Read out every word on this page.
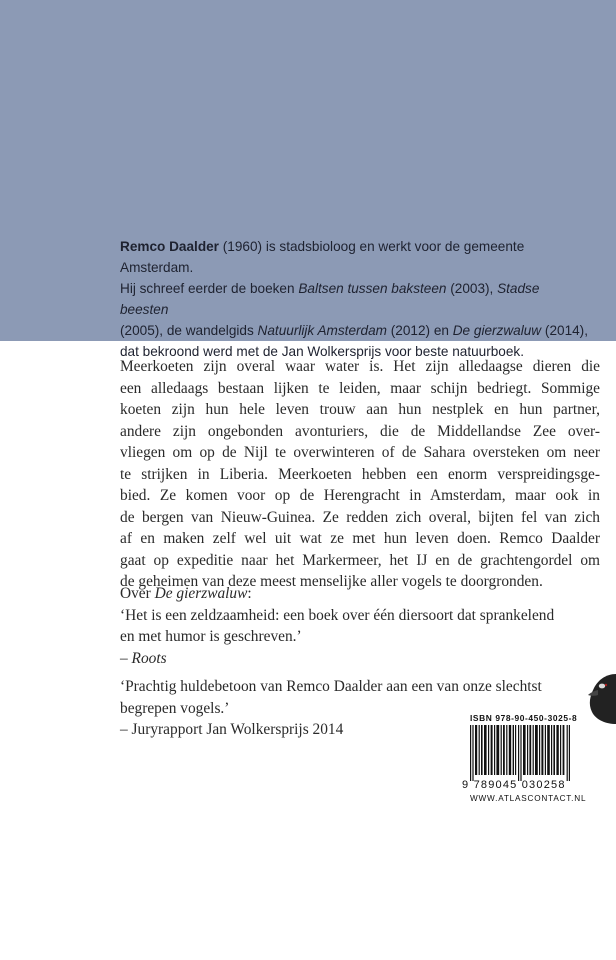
Remco Daalder (1960) is stadsbioloog en werkt voor de gemeente Amsterdam.
Hij schreef eerder de boeken Baltsen tussen baksteen (2003), Stadse beesten
(2005), de wandelgids Natuurlijk Amsterdam (2012) en De gierzwaluw (2014),
dat bekroond werd met de Jan Wolkersprijs voor beste natuurboek.
Meerkoeten zijn overal waar water is. Het zijn alledaagse dieren die
een alledaags bestaan lijken te leiden, maar schijn bedriegt. Sommige
koeten zijn hun hele leven trouw aan hun nestplek en hun partner,
andere zijn ongebonden avonturiers, die de Middellandse Zee over-
vliegen om op de Nijl te overwinteren of de Sahara oversteken om neer
te strijken in Liberia. Meerkoeten hebben een enorm verspreidingsge-
bied. Ze komen voor op de Herengracht in Amsterdam, maar ook in
de bergen van Nieuw-Guinea. Ze redden zich overal, bijten fel van zich
af en maken zelf wel uit wat ze met hun leven doen. Remco Daalder
gaat op expeditie naar het Markermeer, het IJ en de grachtengordel om
de geheimen van deze meest menselijke aller vogels te doorgronden.
Over De gierzwaluw:
‘Het is een zeldzaamheid: een boek over één diersoort dat sprankelend
en met humor is geschreven.’
– Roots
‘Prachtig huldebetoon van Remco Daalder aan een van onze slechtst
begrepen vogels.’
– Juryrapport Jan Wolkersprijs 2014
ISBN 978-90-450-3025-8
9 789045 030258
WWW.ATLASCONTACT.NL
